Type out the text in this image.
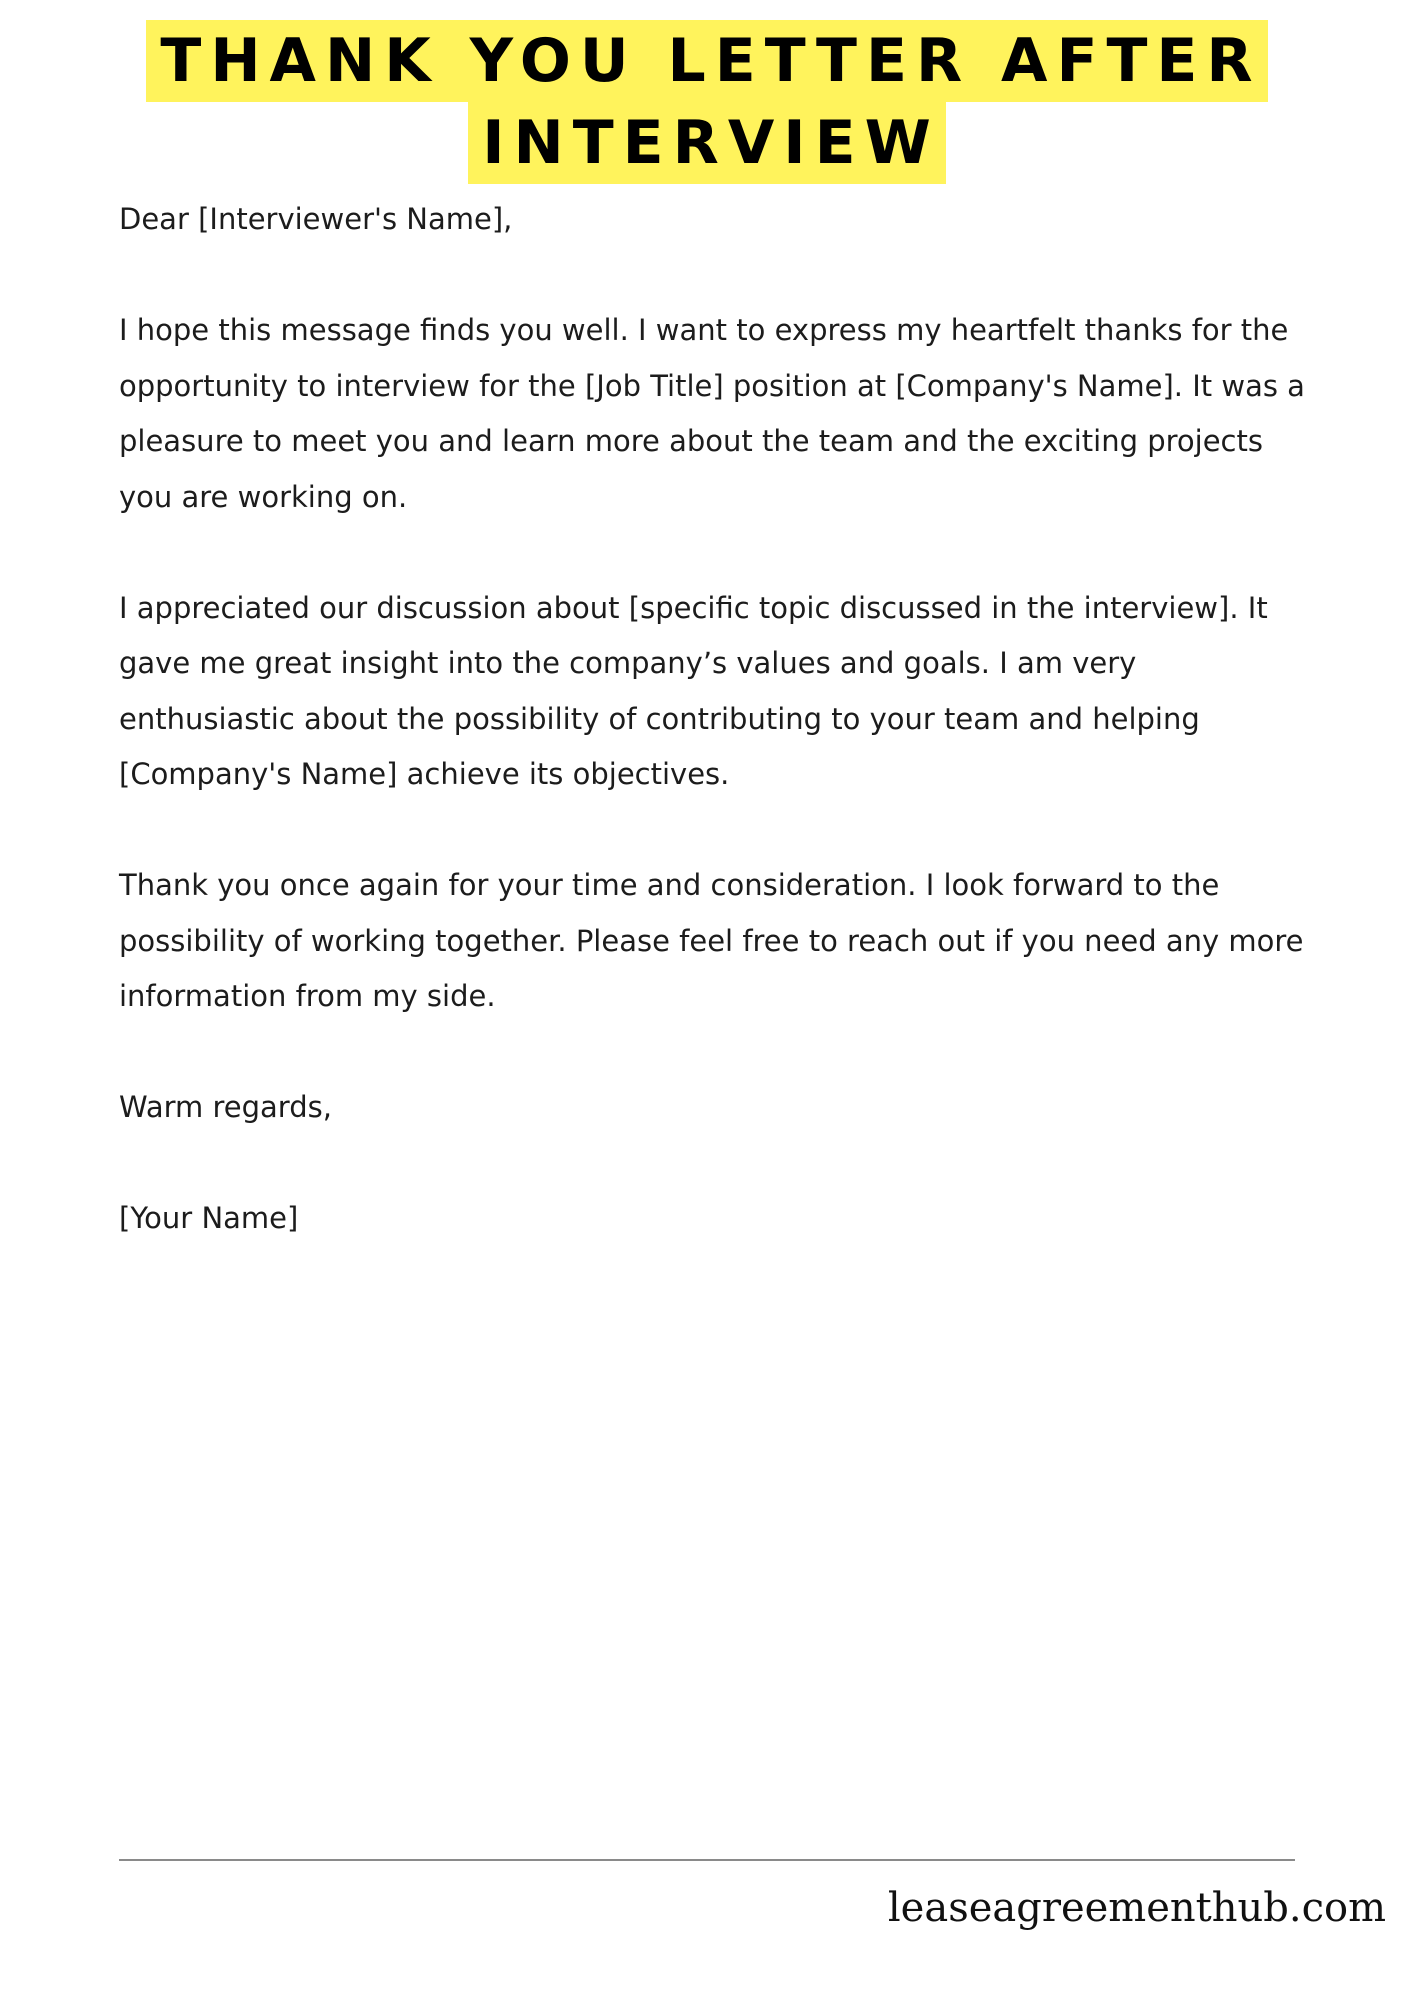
THANK YOU LETTER AFTER
INTERVIEW

Dear [Interviewer's Name],

I hope this message finds you well. I want to express my heartfelt thanks for the opportunity to interview for the [Job Title] position at [Company's Name]. It was a pleasure to meet you and learn more about the team and the exciting projects you are working on.

I appreciated our discussion about [specific topic discussed in the interview]. It gave me great insight into the company’s values and goals. I am very enthusiastic about the possibility of contributing to your team and helping [Company's Name] achieve its objectives.

Thank you once again for your time and consideration. I look forward to the possibility of working together. Please feel free to reach out if you need any more information from my side.

Warm regards,

[Your Name]

leaseagreementhub.com
